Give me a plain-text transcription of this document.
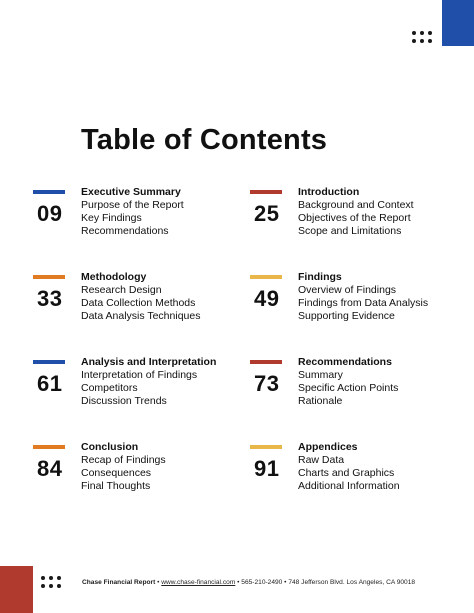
Table of Contents
09
Executive Summary
Purpose of the Report
Key Findings
Recommendations
25
Introduction
Background and Context
Objectives of the Report
Scope and Limitations
33
Methodology
Research Design
Data Collection Methods
Data Analysis Techniques
49
Findings
Overview of Findings
Findings from Data Analysis
Supporting Evidence
61
Analysis and Interpretation
Interpretation of Findings
Competitors
Discussion Trends
73
Recommendations
Summary
Specific Action Points
Rationale
84
Conclusion
Recap of Findings
Consequences
Final Thoughts
91
Appendices
Raw Data
Charts and Graphics
Additional Information
Chase Financial Report • www.chase-financial.com • 565-210-2490 • 748 Jefferson Blvd. Los Angeles, CA 90018
